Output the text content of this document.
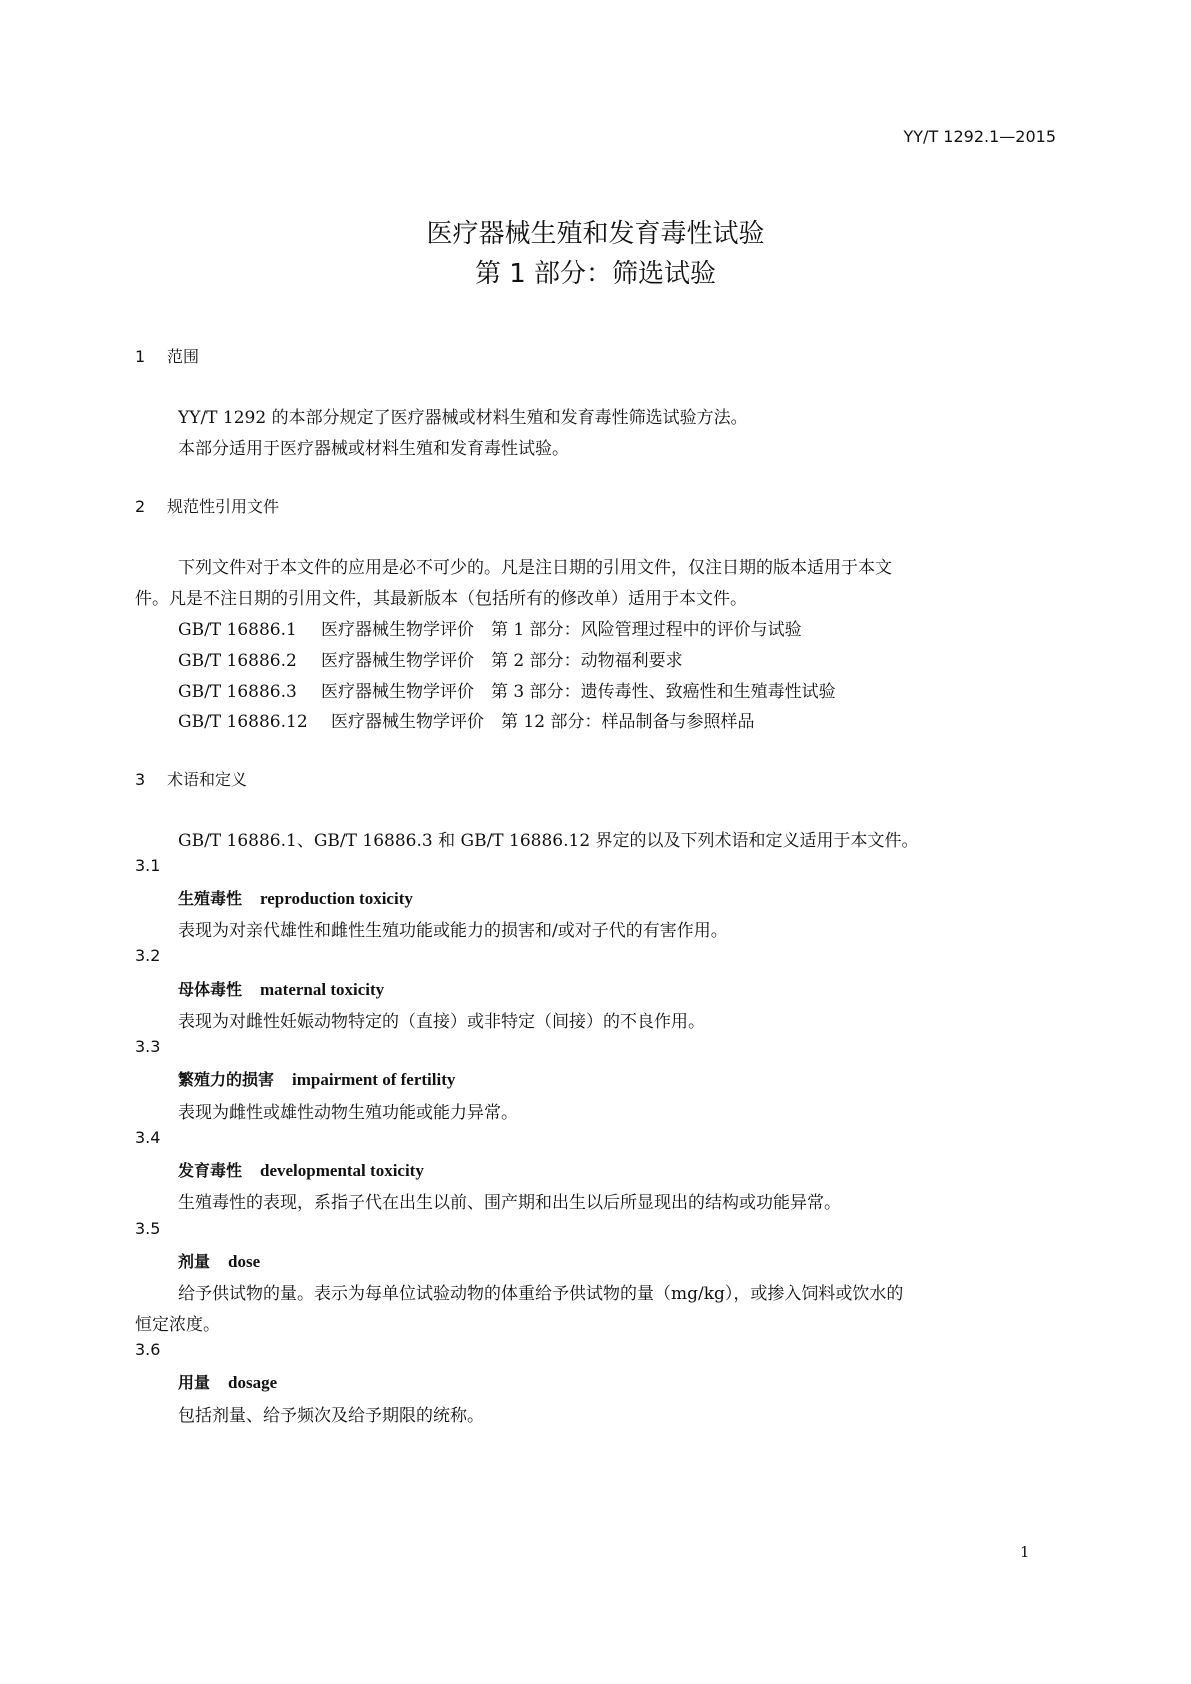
YY/T 1292.1—2015
医疗器械生殖和发育毒性试验
第 1 部分：筛选试验
1 范围
YY/T 1292 的本部分规定了医疗器械或材料生殖和发育毒性筛选试验方法。
本部分适用于医疗器械或材料生殖和发育毒性试验。
2 规范性引用文件
下列文件对于本文件的应用是必不可少的。凡是注日期的引用文件，仅注日期的版本适用于本文
件。凡是不注日期的引用文件，其最新版本（包括所有的修改单）适用于本文件。
GB/T 16886.1 医疗器械生物学评价　第 1 部分：风险管理过程中的评价与试验
GB/T 16886.2 医疗器械生物学评价　第 2 部分：动物福利要求
GB/T 16886.3 医疗器械生物学评价　第 3 部分：遗传毒性、致癌性和生殖毒性试验
GB/T 16886.12 医疗器械生物学评价　第 12 部分：样品制备与参照样品
3 术语和定义
GB/T 16886.1、GB/T 16886.3 和 GB/T 16886.12 界定的以及下列术语和定义适用于本文件。
3.1
生殖毒性 reproduction toxicity
表现为对亲代雄性和雌性生殖功能或能力的损害和/或对子代的有害作用。
3.2
母体毒性 maternal toxicity
表现为对雌性妊娠动物特定的（直接）或非特定（间接）的不良作用。
3.3
繁殖力的损害 impairment of fertility
表现为雌性或雄性动物生殖功能或能力异常。
3.4
发育毒性 developmental toxicity
生殖毒性的表现，系指子代在出生以前、围产期和出生以后所显现出的结构或功能异常。
3.5
剂量 dose
给予供试物的量。表示为每单位试验动物的体重给予供试物的量（mg/kg），或掺入饲料或饮水的
恒定浓度。
3.6
用量 dosage
包括剂量、给予频次及给予期限的统称。
1
